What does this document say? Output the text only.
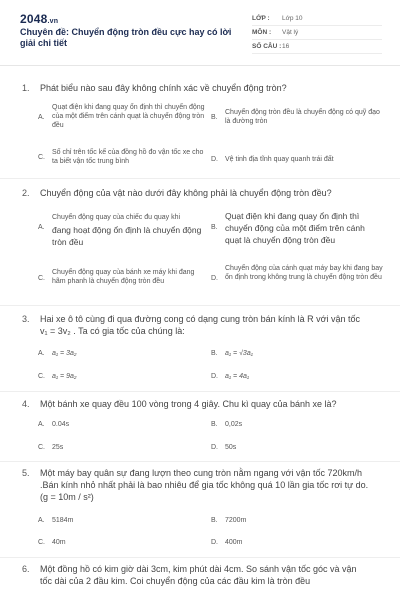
2048.vn
Chuyên đề: Chuyển động tròn đều cực hay có lời giải chi tiết
LỚP :	Lớp 10
MÔN :	Vật lý
SỐ CÂU : 16
1. Phát biểu nào sau đây không chính xác về chuyển động tròn?
A.
Quạt điện khi đang quay ổn định thì chuyển động của một điểm trên cánh quạt là chuyển động tròn đều
B.
Chuyển động tròn đều là chuyển động có quỹ đạo là đường tròn
C.
Số chỉ trên tốc kế của đồng hồ đo vận tốc xe cho ta biết vận tốc trung bình	D. Vệ tinh địa tĩnh quay quanh trái đất
2. Chuyển động của vật nào dưới đây không phải là chuyển động tròn đều?
A.
Chuyển động quay của chiếc đu quay khi
đang hoạt động ổn định là chuyển động
tròn đều
B.
Quạt điện khi đang quay ổn định thì chuyển động của một điểm trên cánh quạt là chuyển động tròn đều
C.
Chuyển động quay của bánh xe máy khi đang hãm phanh là chuyển động tròn đều	D.
Chuyển động của cánh quạt máy bay khi đang bay ổn định trong không trung là chuyển động tròn đều
3. Hai xe ô tô cùng đi qua đường cong có dạng cung tròn bán kính là R với vận tốc
v₁ = 3v₂ . Ta có gia tốc của chúng là:
A. a₁ = 3a₂	B. a₁ = √3a₁
C. a₁ = 9a₂	D. a₁ = 4a₁
4. Một bánh xe quay đều 100 vòng trong 4 giây. Chu kì quay của bánh xe là?
A. 0.04s	B. 0,02s
C. 25s	D. 50s
5. Một máy bay quân sự đang lượn theo cung tròn nằm ngang với vận tốc 720km/h
.Bán kính nhỏ nhất phải là bao nhiêu để gia tốc không quá 10 lần gia tốc rơi tự do.
(g = 10m / s²)
A. 5184m	B. 7200m
C. 40m	D. 400m
6. Một đồng hồ có kim giờ dài 3cm, kim phút dài 4cm. So sánh vận tốc góc và vận
tốc dài của 2 đầu kim. Coi chuyển động của các đầu kim là tròn đều
